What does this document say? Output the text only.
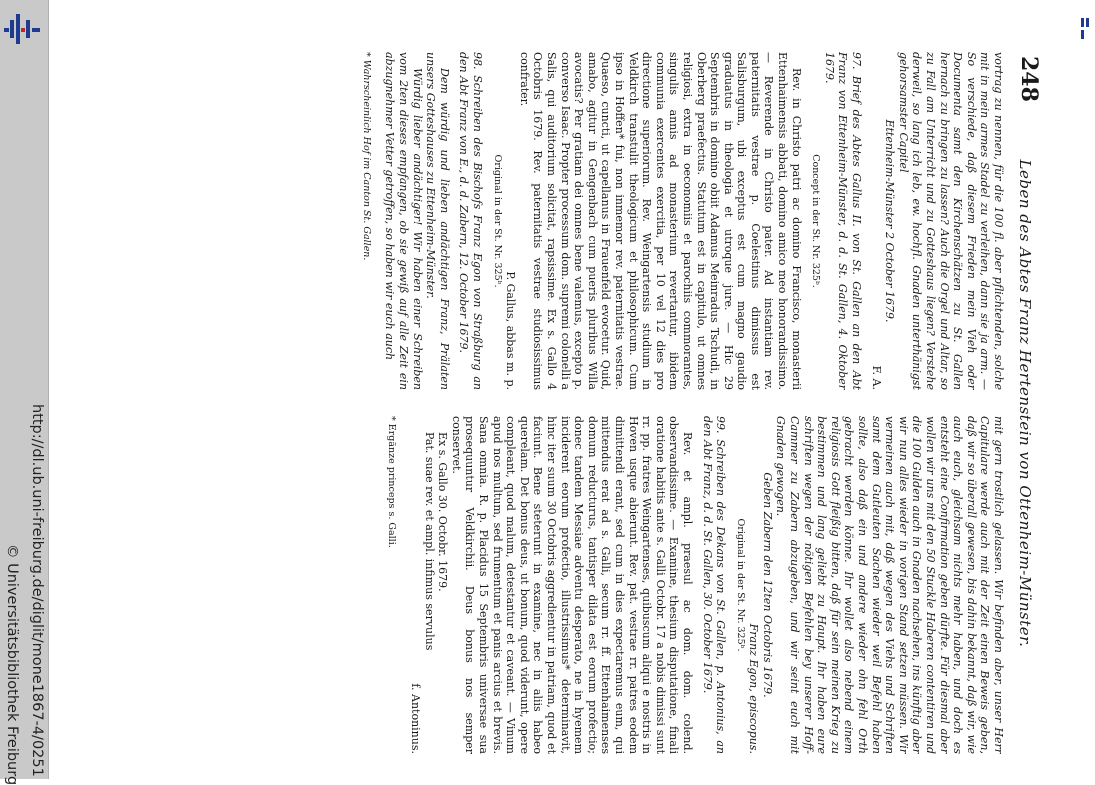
http://dl.ub.uni-freiburg.de/diglit/mone1867-4/0251
© Universitätsbibliothek Freiburg
248
Leben des Abtes Franz Hertenstein von Ottenheim-Münster.

vortrag zu nennen, für die 100 fl. aber pflichtenden, solche mit in mein armes Stadel zu verleihen, dann sie ja arm. — So verschiede, daß diesem Frieden mein Vieh oder Documenta samt den Kirchenschätzen zu St. Gallen hernach zu bringen zu lassen? Auch die Orgel und Altar, so zu Fall am Unterricht und zu Gotteshaus liegen? Verstehe derweil, so lang ich leb, ew. hochfl. Gnaden unterthänigst gehorsamster Capitel

Ettenheim-Münster 2 October 1679.

F. A.

97. Brief des Abtes Gallus II. von St. Gallen an den Abt Franz von Ettenheim-Münster, d. d. St. Gallen, 4. Oktober 1679.

Concept in der St. Nr. 325ᵇ.

Rev. in Christo patri ac domino Francisco, monasterii Ettenhaimensis abbati, domino amico meo honorandissimo. — Reverende in Christo pater. Ad instantiam rev. paternitatis vestrae p. Coelestinus dimissus est Salisburgum, ubi exceptus est cum magno gaudio graduatus in theologia et utroque jure. — Hic 29 Septembris in domino obiit Adamus Meinradus Tschudi, in Oberberg praefectus. Statutum est in capitulo, ut omnes religiosi, extra in oeconomiis et parochiis commorantes, singulis annis ad monasterium revertantur, ibidem communia exercentes exercitia, per 10 vel 12 dies pro directione superiorum. Rev. Weingartensis studium in Veldkirch transtulit theologicum et philosophicum. Cum ipso in Hoffen* fui, non inmemor rev. paternitatis vestrae. Quaeso, cuncti, ut capellanus in Frauenfeld evocetur. Quid, amabo, agitur in Gengenbach cum pueris pluribus Willa avocatis? Per gratiam dei omnes bene valemus, excepto p. converso Isaac. Propter processum dom. supremi colonelli a Salis, qui auditorium solicitat, rapsissime. Ex s. Gallo 4 Octobris 1679. Rev. paternitatis vestrae studiosissimus confrater.

P. Gallus, abbas m. p.

Original in der St. Nr. 325ᵇ.

98. Schreiben des Bischofs Franz Egon von Straßburg an den Abt Franz von E., d. d. Zabern, 12. October 1679.

Dem würdig und lieben andächtigen Franz, Prälaten unsers Gotteshauses zu Ettenheim-Münster.

Würdig lieber andächtiger! Wir haben einer Schreiben vom 2ten dieses empfangen, ob sie gewiß auf alle Zeit ein abzugnehmer Vetter getroffen, so haben wir euch auch

* Wahrscheinlich Hof im Canton St. Gallen.

mit gern trostlich gelassen. Wir befinden aber, unser Herr Capitulare werde auch mit der Zeit einen Beweis geben, daß wir so überall gewesen, bis dahin bekannt, daß wir, wie auch euch, gleichsam nichts mehr haben, und doch es entsteht eine Confirmation geben dürfte. Für diesmal aber wollen wir uns mit den 50 Stuckle Haberen contentiren und die 100 Gulden auch in Gnaden nachsehen, ins künftig aber wir nun alles wieder in vorigen Stand setzen müssen. Wir vermeinen auch mit, daß wegen des Viehs und Schriften samt dem Gutleuten Sachen wieder weil Befehl haben sollte, also daß ein und andere wieder ohn fehl Orth gebracht werden könne. Ihr wollet also nebend einem religiosis Gott fleißig bitten, daß für sein meinen Krieg zu bestimmen und lang geliebt zu Haupt. Ihr haben eure schriften wegen der nötigen Befehlen bey unserer Hoff-Cammer zu Zabern abzugeben, und wir seint euch mit Gnaden gewogen.

Geben Zabern den 12ten Octobris 1679.

Franz Egon, episcopus.

Original in der St. Nr. 325ᵇ.

99. Schreiben des Dekans von St. Gallen, p. Antonius, an den Abt Franz, d. d. St. Gallen, 30. October 1679.

Rev. et ampl. praesul ac dom. dom. colend. observandissime. — Examine, thesium disputatione, finali oratione habitis ante s. Galli Octobr. 17 a nobis dimissi sunt rr. pp. fratres Weingartenses, quibuscum aliqui e nostris in Hoven usque abierunt. Rev. pat. vestrae rr. patres eodem dimittendi erant, sed cum in dies expectaremus eum, qui mittendus erat ad s. Galli, secum rr. ff. Ettenhaimenses domum reducturus, tantisper dilata est eorum profectio; donec tandem Messiae adventu desperato, ne in hyemem inciderent eorum profectio, illustrissimus* determinavit, hinc iter suum 30 Octobris aggredientur in patriam, quod et faciunt. Bene steterunt in examine, nec in aliis habeo querelam. Det bonus deus, ut bonum, quod viderunt, opere compleant, quod malum, detestantur et caveant. — Vinum apud nos multum, sed frumentum et panis arcius et brevis. Sana omnia. R. p. Placidus 15 Septembris universae sua prosequuntur Veldkirchii. Deus bonus nos semper conservet.

Ex s. Gallo 30. Octobr. 1679.

Pat. suae rev. et ampl. infimus servulus

f. Antoninus.

* Ergänze princeps s. Galli.
